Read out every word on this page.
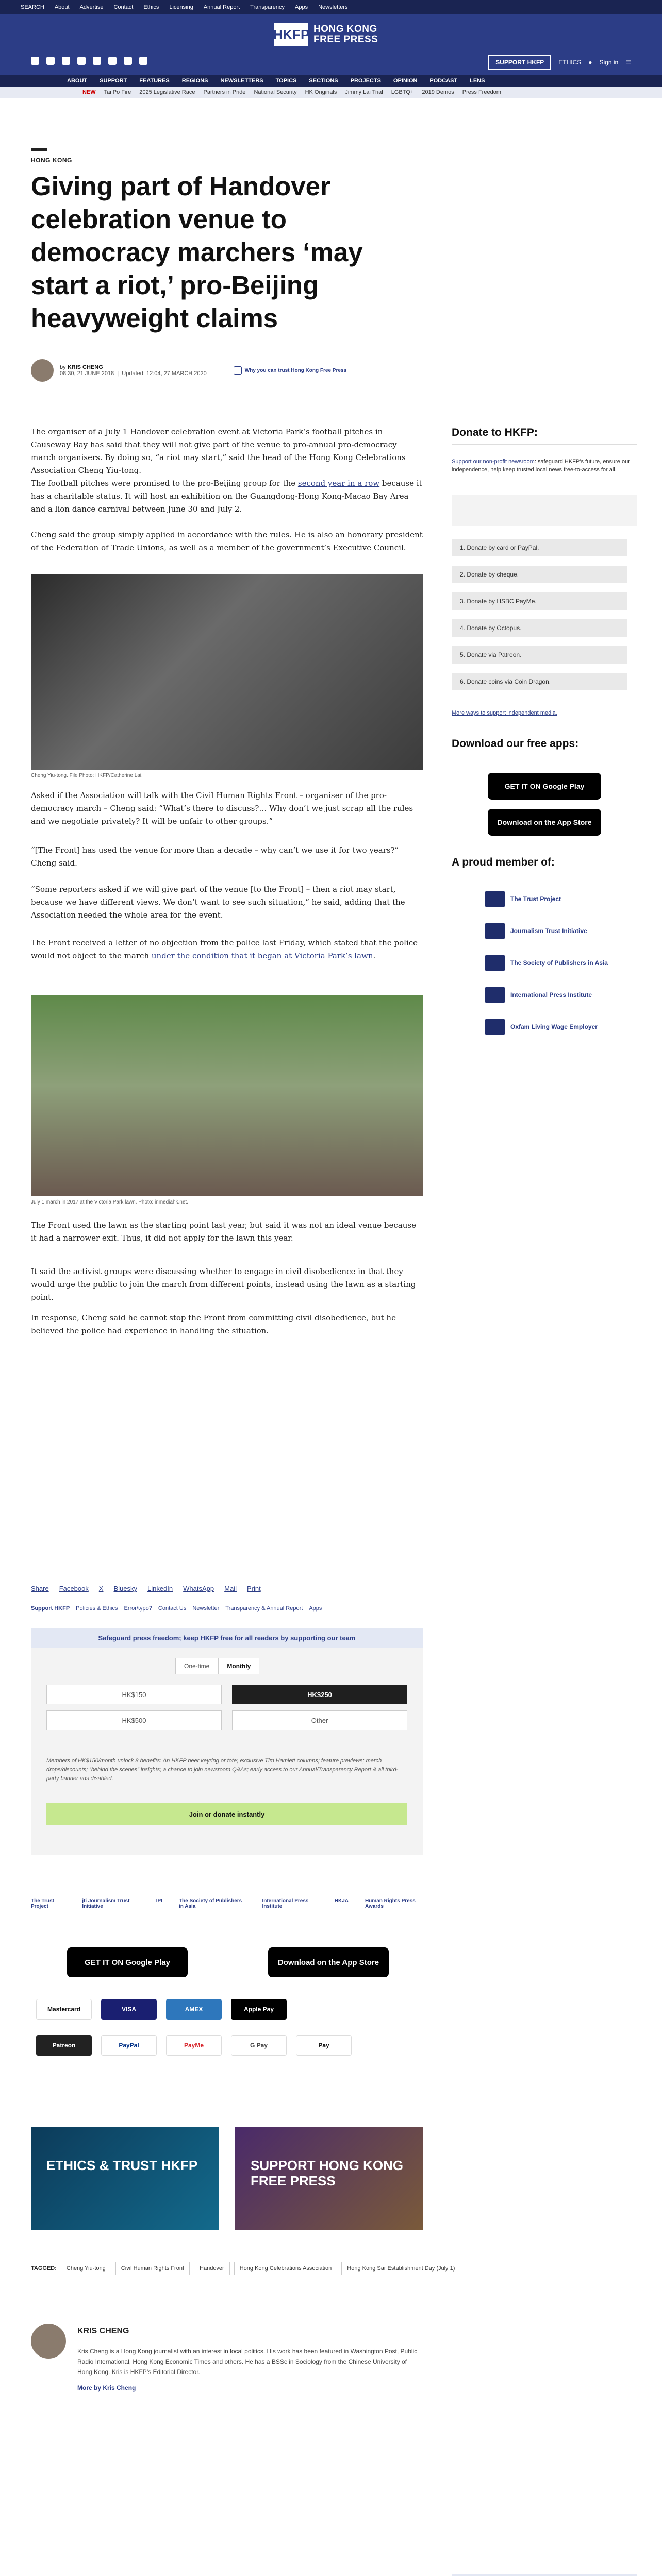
SEARCH About Advertise Contact Ethics Licensing Annual Report Transparency Apps Newsletters
HKFP HONG KONG
FREE PRESS
SUPPORT HKFP	ETHICS ● Sign in ☰
ABOUT SUPPORT FEATURES REGIONS NEWSLETTERS TOPICS SECTIONS PROJECTS OPINION PODCAST LENS
NEW Tai Po Fire 2025 Legislative Race Partners in Pride National Security HK Originals Jimmy Lai Trial LGBTQ+ 2019 Demos Press Freedom
HONG KONG
Giving part of Handover celebration venue to democracy marchers ‘may start a riot,’ pro-Beijing heavyweight claims
by KRIS CHENG
08:30, 21 JUNE 2018  |  Updated: 12:04, 27 MARCH 2020	Why you can trust Hong Kong Free Press

The organiser of a July 1 Handover celebration event at Victoria Park’s football pitches in Causeway Bay has said that they will not give part of the venue to pro-annual pro-democracy march organisers. By doing so, “a riot may start,” said the head of the Hong Kong Celebrations Association Cheng Yiu-tong.

The football pitches were promised to the pro-Beijing group for the second year in a row because it has a charitable status. It will host an exhibition on the Guangdong-Hong Kong-Macao Bay Area and a lion dance carnival between June 30 and July 2.

Cheng said the group simply applied in accordance with the rules. He is also an honorary president of the Federation of Trade Unions, as well as a member of the government’s Executive Council.

Cheng Yiu-tong. File Photo: HKFP/Catherine Lai.

Asked if the Association will talk with the Civil Human Rights Front – organiser of the pro-democracy march – Cheng said: “What’s there to discuss?… Why don’t we just scrap all the rules and we negotiate privately? It will be unfair to other groups.”

“[The Front] has used the venue for more than a decade – why can’t we use it for two years?” Cheng said.

“Some reporters asked if we will give part of the venue [to the Front] – then a riot may start, because we have different views. We don’t want to see such situation,” he said, adding that the Association needed the whole area for the event.

The Front received a letter of no objection from the police last Friday, which stated that the police would not object to the march under the condition that it began at Victoria Park’s lawn.

July 1 march in 2017 at the Victoria Park lawn. Photo: inmediahk.net.

The Front used the lawn as the starting point last year, but said it was not an ideal venue because it had a narrower exit. Thus, it did not apply for the lawn this year.

It said the activist groups were discussing whether to engage in civil disobedience in that they would urge the public to join the march from different points, instead using the lawn as a starting point.

In response, Cheng said he cannot stop the Front from committing civil disobedience, but he believed the police had experience in handling the situation.

Share Facebook X Bluesky LinkedIn WhatsApp Mail Print
Support HKFP Policies & Ethics Error/typo? Contact Us Newsletter Transparency & Annual Report Apps
Safeguard press freedom; keep HKFP free for all readers by supporting our team
One-time	Monthly
HK$150	HK$250
HK$500	Other
Members of HK$150/month unlock 8 benefits: An HKFP beer keyring or tote; exclusive Tim Hamlett columns; feature previews; merch drops/discounts; “behind the scenes” insights; a chance to join newsroom Q&As; early access to our Annual/Transparency Report & all third-party banner ads disabled.
Join or donate instantly
The Trust Project
jti Journalism Trust Initiative
IPI	The Society of Publishers in Asia
International Press Institute
HKJA	Human Rights Press Awards
GET IT ON Google Play	Download on the App Store
Mastercard	VISA	AMEX	Apple Pay
Patreon	PayPal	PayMe	G Pay	Pay
ETHICS & TRUST HKFP	SUPPORT HONG KONG FREE PRESS
TAGGED:	Cheng Yiu-tong	Civil Human Rights Front	Handover	Hong Kong Celebrations Association	Hong Kong Sar Establishment Day (July 1)
KRIS CHENG
Kris Cheng is a Hong Kong journalist with an interest in local politics. His work has been featured in Washington Post, Public Radio International, Hong Kong Economic Times and others. He has a BSSc in Sociology from the Chinese University of Hong Kong. Kris is HKFP’s Editorial Director.
More by Kris Cheng
Donate to HKFP:
Support our non-profit newsroom: safeguard HKFP’s future, ensure our independence, help keep trusted local news free-to-access for all.
1. Donate by card or PayPal.
2. Donate by cheque.
3. Donate by HSBC PayMe.
4. Donate by Octopus.
5. Donate via Patreon.
6. Donate coins via Coin Dragon.
More ways to support independent media.
Download our free apps:
GET IT ON Google Play
Download on the App Store
A proud member of:
The Trust Project
Journalism Trust Initiative
The Society of Publishers in Asia
International Press Institute
Oxfam Living Wage Employer
